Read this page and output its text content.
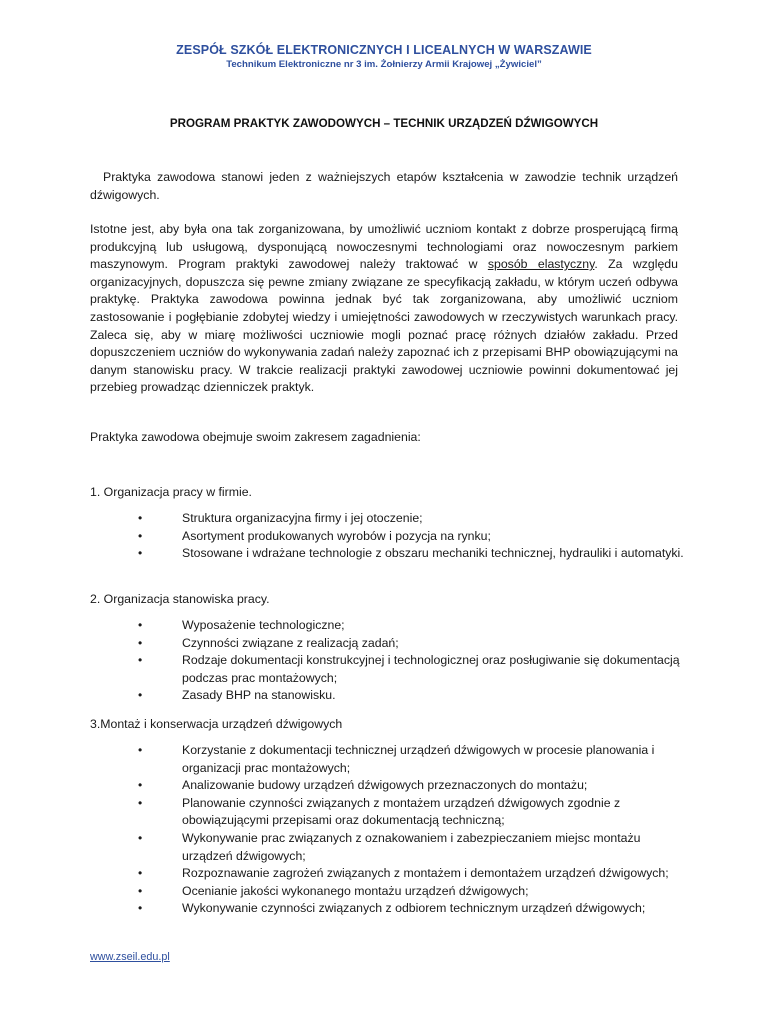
ZESPÓŁ SZKÓŁ ELEKTRONICZNYCH I LICEALNYCH W WARSZAWIE
Technikum Elektroniczne nr 3 im. Żołnierzy Armii Krajowej „Żywiciel”
PROGRAM PRAKTYK ZAWODOWYCH – TECHNIK URZĄDZEŃ DŹWIGOWYCH

Praktyka zawodowa stanowi jeden z ważniejszych etapów kształcenia w zawodzie technik urządzeń dźwigowych.

Istotne jest, aby była ona tak zorganizowana, by umożliwić uczniom kontakt z dobrze prosperującą firmą produkcyjną lub usługową, dysponującą nowoczesnymi technologiami oraz nowoczesnym parkiem maszynowym. Program praktyki zawodowej należy traktować w sposób elastyczny. Za względu organizacyjnych, dopuszcza się pewne zmiany związane ze specyfikacją zakładu, w którym uczeń odbywa praktykę. Praktyka zawodowa powinna jednak być tak zorganizowana, aby umożliwić uczniom zastosowanie i pogłębianie zdobytej wiedzy i umiejętności zawodowych w rzeczywistych warunkach pracy. Zaleca się, aby w miarę możliwości uczniowie mogli poznać pracę różnych działów zakładu. Przed dopuszczeniem uczniów do wykonywania zadań należy zapoznać ich z przepisami BHP obowiązującymi na danym stanowisku pracy. W trakcie realizacji praktyki zawodowej uczniowie powinni dokumentować jej przebieg prowadząc dzienniczek praktyk.

Praktyka zawodowa obejmuje swoim zakresem zagadnienia:
1. Organizacja pracy w firmie.
•	Struktura organizacyjna firmy i jej otoczenie;
•	Asortyment produkowanych wyrobów i pozycja na rynku;
•	Stosowane i wdrażane technologie z obszaru mechaniki technicznej, hydrauliki i automatyki.
2. Organizacja stanowiska pracy.
•	Wyposażenie technologiczne;
•	Czynności związane z realizacją zadań;
•	Rodzaje dokumentacji konstrukcyjnej i technologicznej oraz posługiwanie się dokumentacją podczas prac montażowych;
•	Zasady BHP na stanowisku.
3.Montaż i konserwacja urządzeń dźwigowych
•	Korzystanie z dokumentacji technicznej urządzeń dźwigowych w procesie planowania i organizacji prac montażowych;
•	Analizowanie budowy urządzeń dźwigowych przeznaczonych do montażu;
•	Planowanie czynności związanych z montażem urządzeń dźwigowych zgodnie z obowiązującymi przepisami oraz dokumentacją techniczną;
•	Wykonywanie prac związanych z oznakowaniem i zabezpieczaniem miejsc montażu urządzeń dźwigowych;
•	Rozpoznawanie zagrożeń związanych z montażem i demontażem urządzeń dźwigowych;
•	Ocenianie jakości wykonanego montażu urządzeń dźwigowych;
•	Wykonywanie czynności związanych z odbiorem technicznym urządzeń dźwigowych;
www.zseil.edu.pl
